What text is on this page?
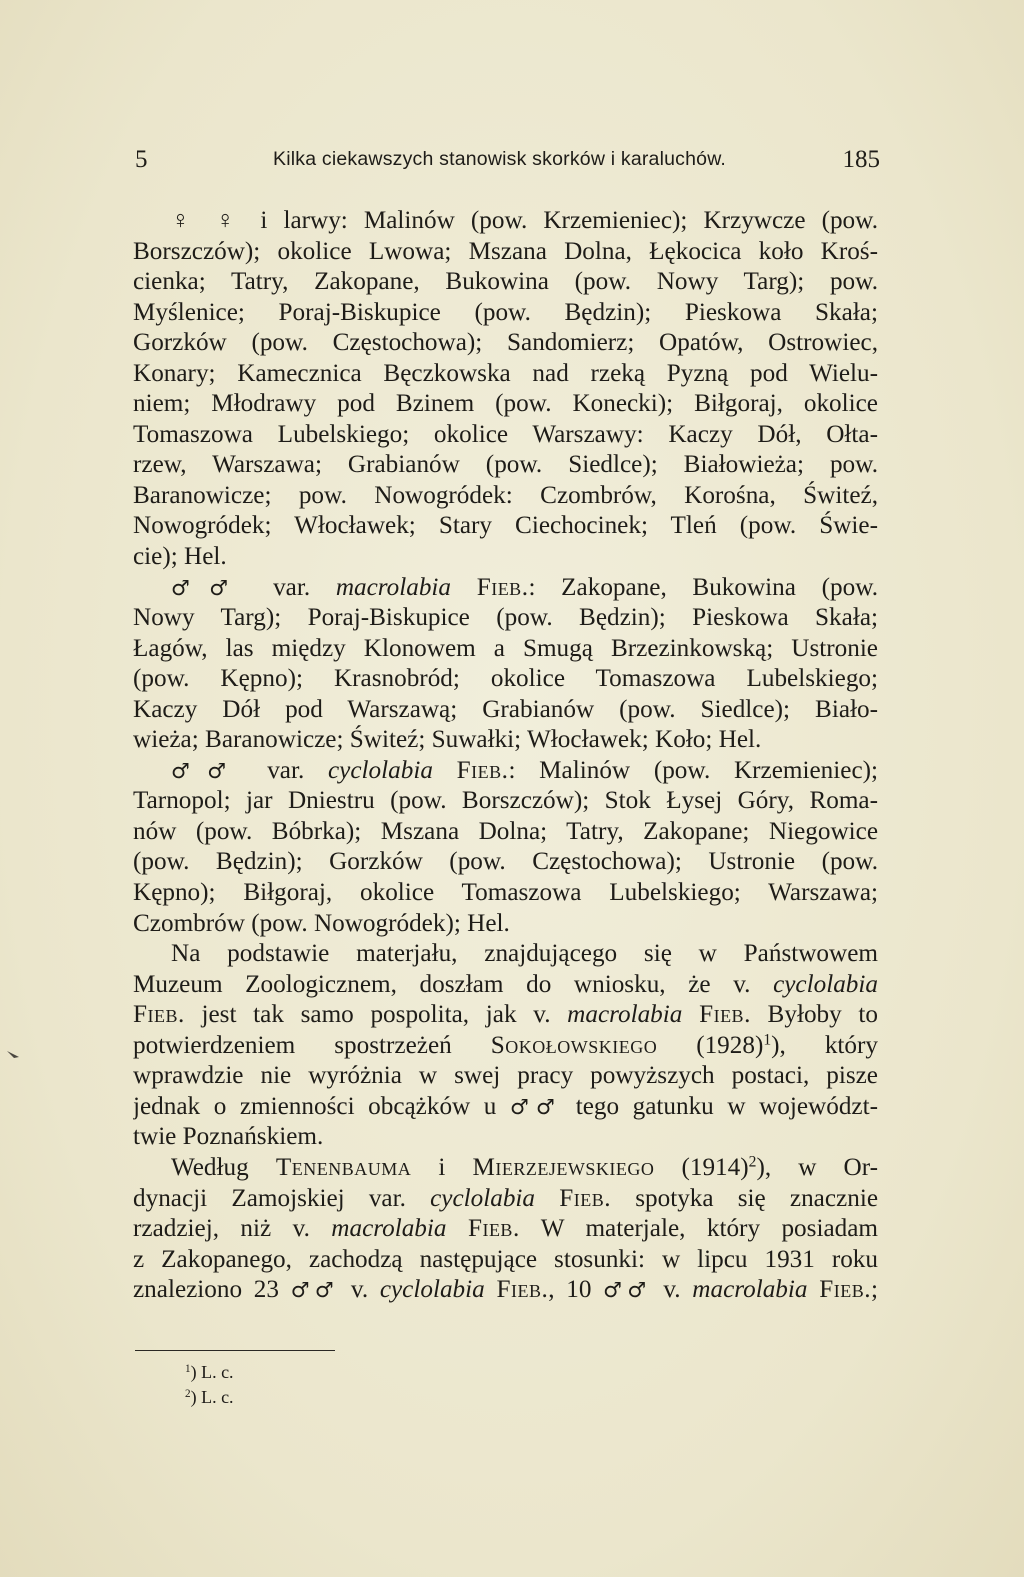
5	Kilka ciekawszych stanowisk skorków i karaluchów.	185
♀ ♀ i larwy: Malinów (pow. Krzemieniec); Krzywcze (pow.
Borszczów); okolice Lwowa; Mszana Dolna, Łękocica koło Kroś-
cienka; Tatry, Zakopane, Bukowina (pow. Nowy Targ); pow.
Myślenice; Poraj-Biskupice (pow. Będzin); Pieskowa Skała;
Gorzków (pow. Częstochowa); Sandomierz; Opatów, Ostrowiec,
Konary; Kamecznica Bęczkowska nad rzeką Pyzną pod Wielu-
niem; Młodrawy pod Bzinem (pow. Konecki); Biłgoraj, okolice
Tomaszowa Lubelskiego; okolice Warszawy: Kaczy Dół, Ołta-
rzew, Warszawa; Grabianów (pow. Siedlce); Białowieża; pow.
Baranowicze; pow. Nowogródek: Czombrów, Korośna, Świteź,
Nowogródek; Włocławek; Stary Ciechocinek; Tleń (pow. Świe-
cie); Hel.
♂♂ var. macrolabia Fieb.: Zakopane, Bukowina (pow.
Nowy Targ); Poraj-Biskupice (pow. Będzin); Pieskowa Skała;
Łagów, las między Klonowem a Smugą Brzezinkowską; Ustronie
(pow. Kępno); Krasnobród; okolice Tomaszowa Lubelskiego;
Kaczy Dół pod Warszawą; Grabianów (pow. Siedlce); Biało-
wieża; Baranowicze; Świteź; Suwałki; Włocławek; Koło; Hel.
♂♂ var. cyclolabia Fieb.: Malinów (pow. Krzemieniec);
Tarnopol; jar Dniestru (pow. Borszczów); Stok Łysej Góry, Roma-
nów (pow. Bóbrka); Mszana Dolna; Tatry, Zakopane; Niegowice
(pow. Będzin); Gorzków (pow. Częstochowa); Ustronie (pow.
Kępno); Biłgoraj, okolice Tomaszowa Lubelskiego; Warszawa;
Czombrów (pow. Nowogródek); Hel.
Na podstawie materjału, znajdującego się w Państwowem
Muzeum Zoologicznem, doszłam do wniosku, że v. cyclolabia
Fieb. jest tak samo pospolita, jak v. macrolabia Fieb. Byłoby to
potwierdzeniem spostrzeżeń Sokołowskiego $(1928)^1$), który
wprawdzie nie wyróżnia w swej pracy powyższych postaci, pisze
jednak o zmienności obcążków u ♂♂ tego gatunku w województ-
twie Poznańskiem.
Według Tenenbauma i Mierzejewskiego $(1914)^2$), w Or-
dynacji Zamojskiej var. cyclolabia Fieb. spotyka się znacznie
rzadziej, niż v. macrolabia Fieb. W materjale, który posiadam
z Zakopanego, zachodzą następujące stosunki: w lipcu 1931 roku
znaleziono 23 ♂♂ v. cyclolabia Fieb., 10 ♂♂ v. macrolabia Fieb.;
$^1$) L. c.
$^2$) L. c.
